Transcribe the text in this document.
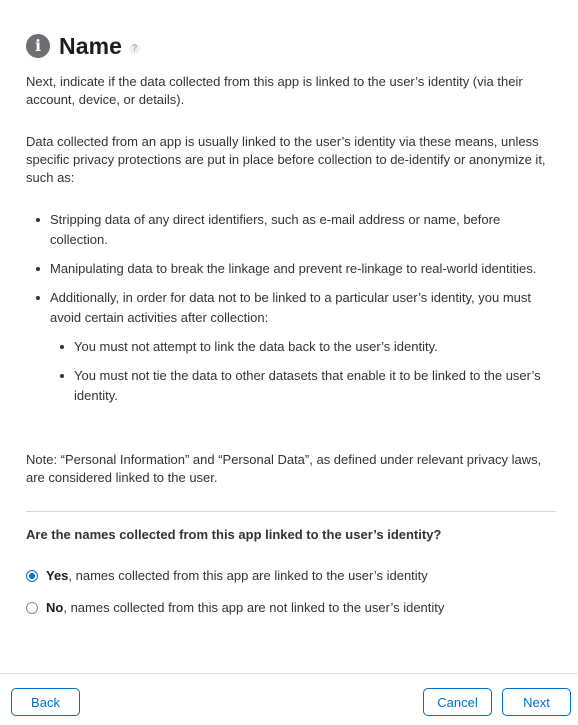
i Name	?

Next, indicate if the data collected from this app is linked to the user’s identity (via their account, device, or details).

Data collected from an app is usually linked to the user’s identity via these means, unless specific privacy protections are put in place before collection to de-identify or anonymize it, such as:

Stripping data of any direct identifiers, such as e-mail address or name, before collection.
Manipulating data to break the linkage and prevent re-linkage to real-world identities.
Additionally, in order for data not to be linked to a particular user’s identity, you must avoid certain activities after collection:
You must not attempt to link the data back to the user’s identity.
You must not tie the data to other datasets that enable it to be linked to the user’s identity.

Note: “Personal Information” and “Personal Data”, as defined under relevant privacy laws, are considered linked to the user.

Are the names collected from this app linked to the user’s identity?
Yes, names collected from this app are linked to the user’s identity
No, names collected from this app are not linked to the user’s identity
Back	Cancel	Next
